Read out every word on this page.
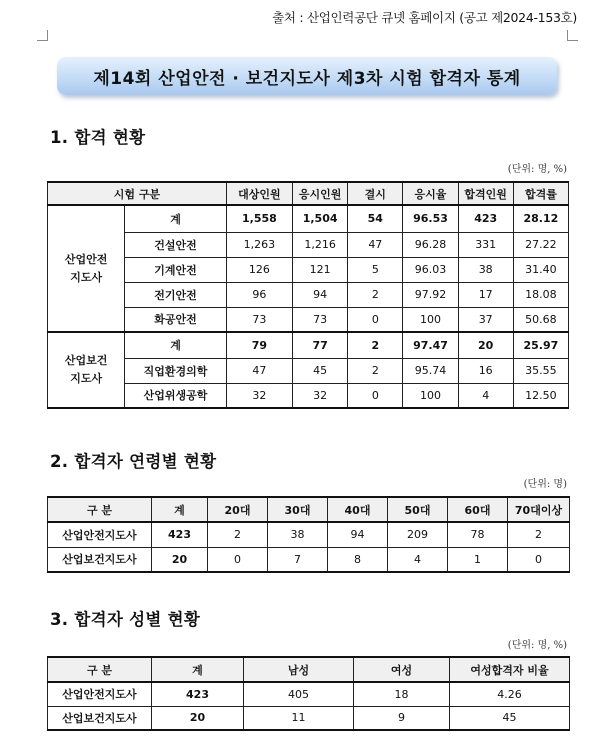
출처 : 산업인력공단 큐넷 홈페이지 (공고 제2024-153호)
제14회 산업안전 · 보건지도사 제3차 시험 합격자 통계
1. 합격 현황
(단위: 명, %)
시험 구분		대상인원	응시인원	결시	응시율	합격인원	합격률
산업안전
지도사	계	1,558	1,504	54	96.53	423	28.12
	건설안전	1,263	1,216	47	96.28	331	27.22
	기계안전	126	121	5	96.03	38	31.40
	전기안전	96	94	2	97.92	17	18.08
	화공안전	73	73	0	100	37	50.68
산업보건
지도사	계	79	77	2	97.47	20	25.97
	직업환경의학	47	45	2	95.74	16	35.55
	산업위생공학	32	32	0	100	4	12.50
2. 합격자 연령별 현황
(단위: 명)
구 분	계	20대	30대	40대	50대	60대	70대이상
산업안전지도사	423	2	38	94	209	78	2
산업보건지도사	20	0	7	8	4	1	0
3. 합격자 성별 현황
(단위: 명, %)
구 분	계	남성	여성	여성합격자 비율
산업안전지도사	423	405	18	4.26
산업보건지도사	20	11	9	45
